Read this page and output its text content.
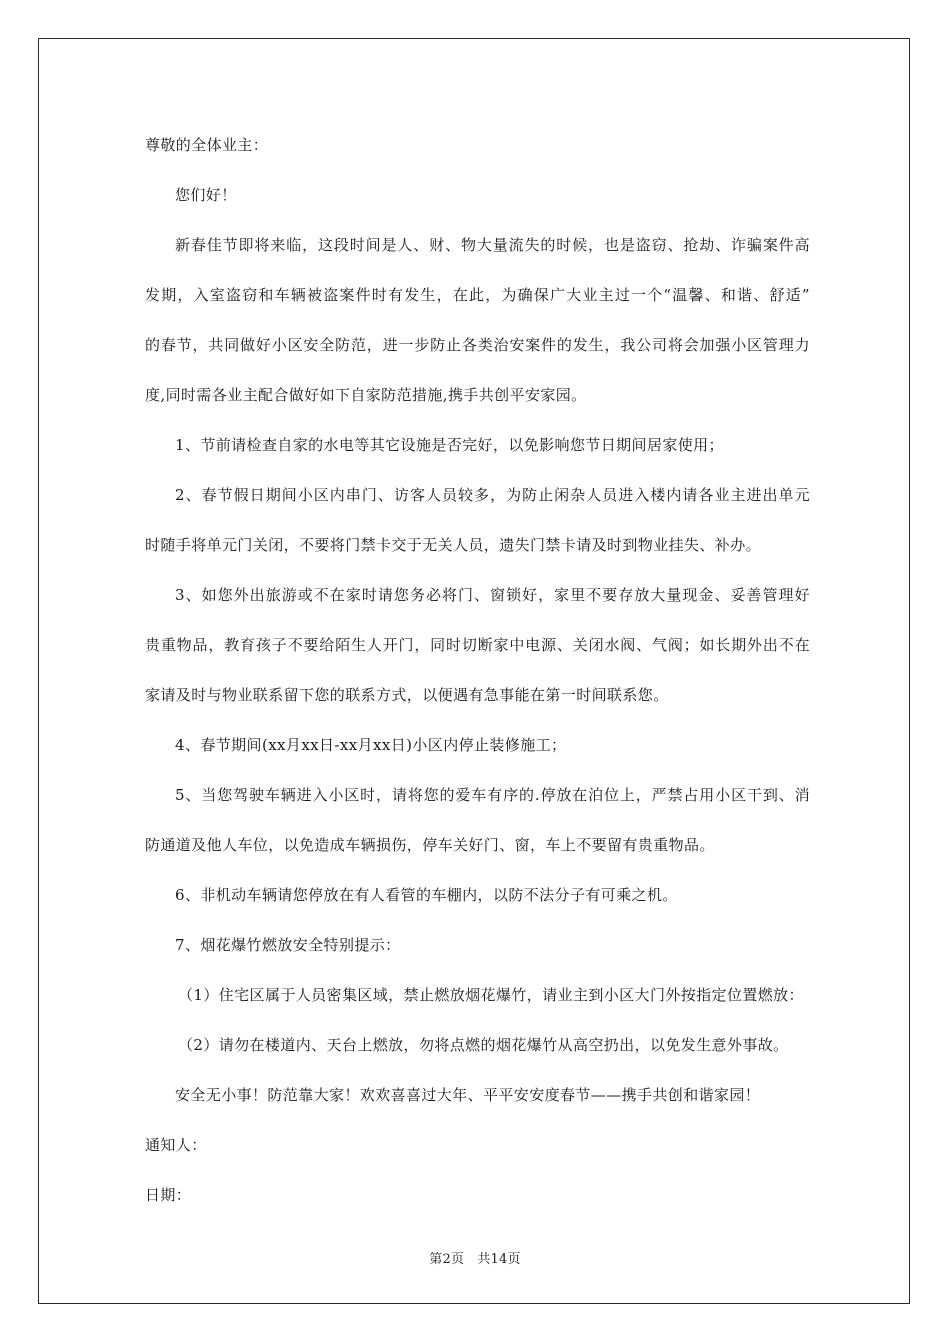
尊敬的全体业主：
您们好！
新春佳节即将来临，这段时间是人、财、物大量流失的时候，也是盗窃、抢劫、诈骗案件高
发期，入室盗窃和车辆被盗案件时有发生，在此，为确保广大业主过一个“温馨、和谐、舒适”
的春节，共同做好小区安全防范，进一步防止各类治安案件的发生，我公司将会加强小区管理力
度,同时需各业主配合做好如下自家防范措施,携手共创平安家园。
1、节前请检查自家的水电等其它设施是否完好，以免影响您节日期间居家使用；
2、春节假日期间小区内串门、访客人员较多，为防止闲杂人员进入楼内请各业主进出单元
时随手将单元门关闭，不要将门禁卡交于无关人员，遗失门禁卡请及时到物业挂失、补办。
3、如您外出旅游或不在家时请您务必将门、窗锁好，家里不要存放大量现金、妥善管理好
贵重物品，教育孩子不要给陌生人开门，同时切断家中电源、关闭水阀、气阀；如长期外出不在
家请及时与物业联系留下您的联系方式，以便遇有急事能在第一时间联系您。
4、春节期间(xx月xx日-xx月xx日)小区内停止装修施工；
5、当您驾驶车辆进入小区时，请将您的爱车有序的.停放在泊位上，严禁占用小区干到、消
防通道及他人车位，以免造成车辆损伤，停车关好门、窗，车上不要留有贵重物品。
6、非机动车辆请您停放在有人看管的车棚内，以防不法分子有可乘之机。
7、烟花爆竹燃放安全特别提示：
（1）住宅区属于人员密集区域，禁止燃放烟花爆竹，请业主到小区大门外按指定位置燃放：
（2）请勿在楼道内、天台上燃放，勿将点燃的烟花爆竹从高空扔出，以免发生意外事故。
安全无小事！防范靠大家！欢欢喜喜过大年、平平安安度春节——携手共创和谐家园！
通知人：
日期：
第2页　共14页
